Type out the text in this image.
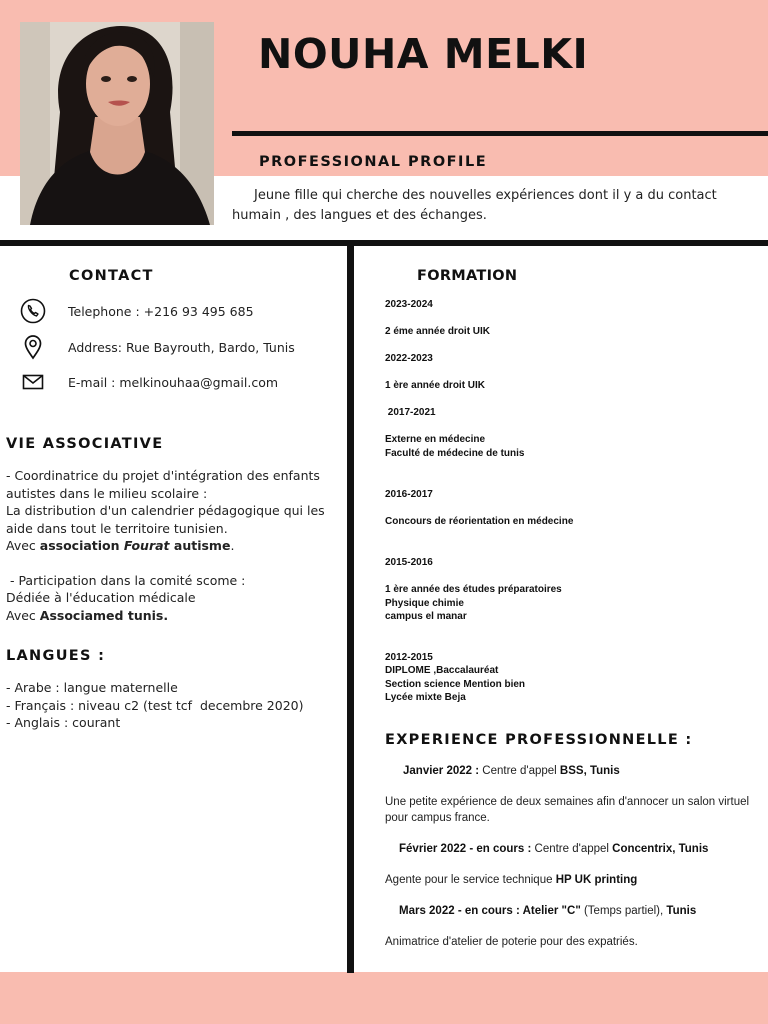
NOUHA MELKI
PROFESSIONAL PROFILE
Jeune fille qui cherche des nouvelles expériences dont il y a du contact humain , des langues et des échanges.
CONTACT
Telephone : +216 93 495 685
Address: Rue Bayrouth, Bardo, Tunis
E-mail : melkinouhaa@gmail.com
VIE ASSOCIATIVE

- Coordinatrice du projet d'intégration des enfants autistes dans le milieu scolaire :

La distribution d'un calendrier pédagogique qui les aide dans tout le territoire tunisien.

Avec association Fourat autisme.

- Participation dans la comité scome :

Dédiée à l'éducation médicale

Avec Associamed tunis.

LANGUES :

- Arabe : langue maternelle

- Français : niveau c2 (test tcf  decembre 2020)

- Anglais : courant

FORMATION
2023-2024
2 éme année droit UIK
2022-2023
1 ère année droit UIK
2017-2021
Externe en médecine
Faculté de médecine de tunis
2016-2017
Concours de réorientation en médecine
2015-2016
1 ère année des études préparatoires
Physique chimie
campus el manar
2012-2015
DIPLOME ,Baccalauréat
Section science Mention bien
Lycée mixte Beja
EXPERIENCE PROFESSIONNELLE :
Janvier 2022 : Centre d'appel BSS, Tunis
Une petite expérience de deux semaines afin d'annocer un salon virtuel pour campus france.
Février 2022 - en cours : Centre d'appel Concentrix, Tunis
Agente pour le service technique HP UK printing
Mars 2022 - en cours : Atelier "C" (Temps partiel), Tunis
Animatrice d'atelier de poterie pour des expatriés.
